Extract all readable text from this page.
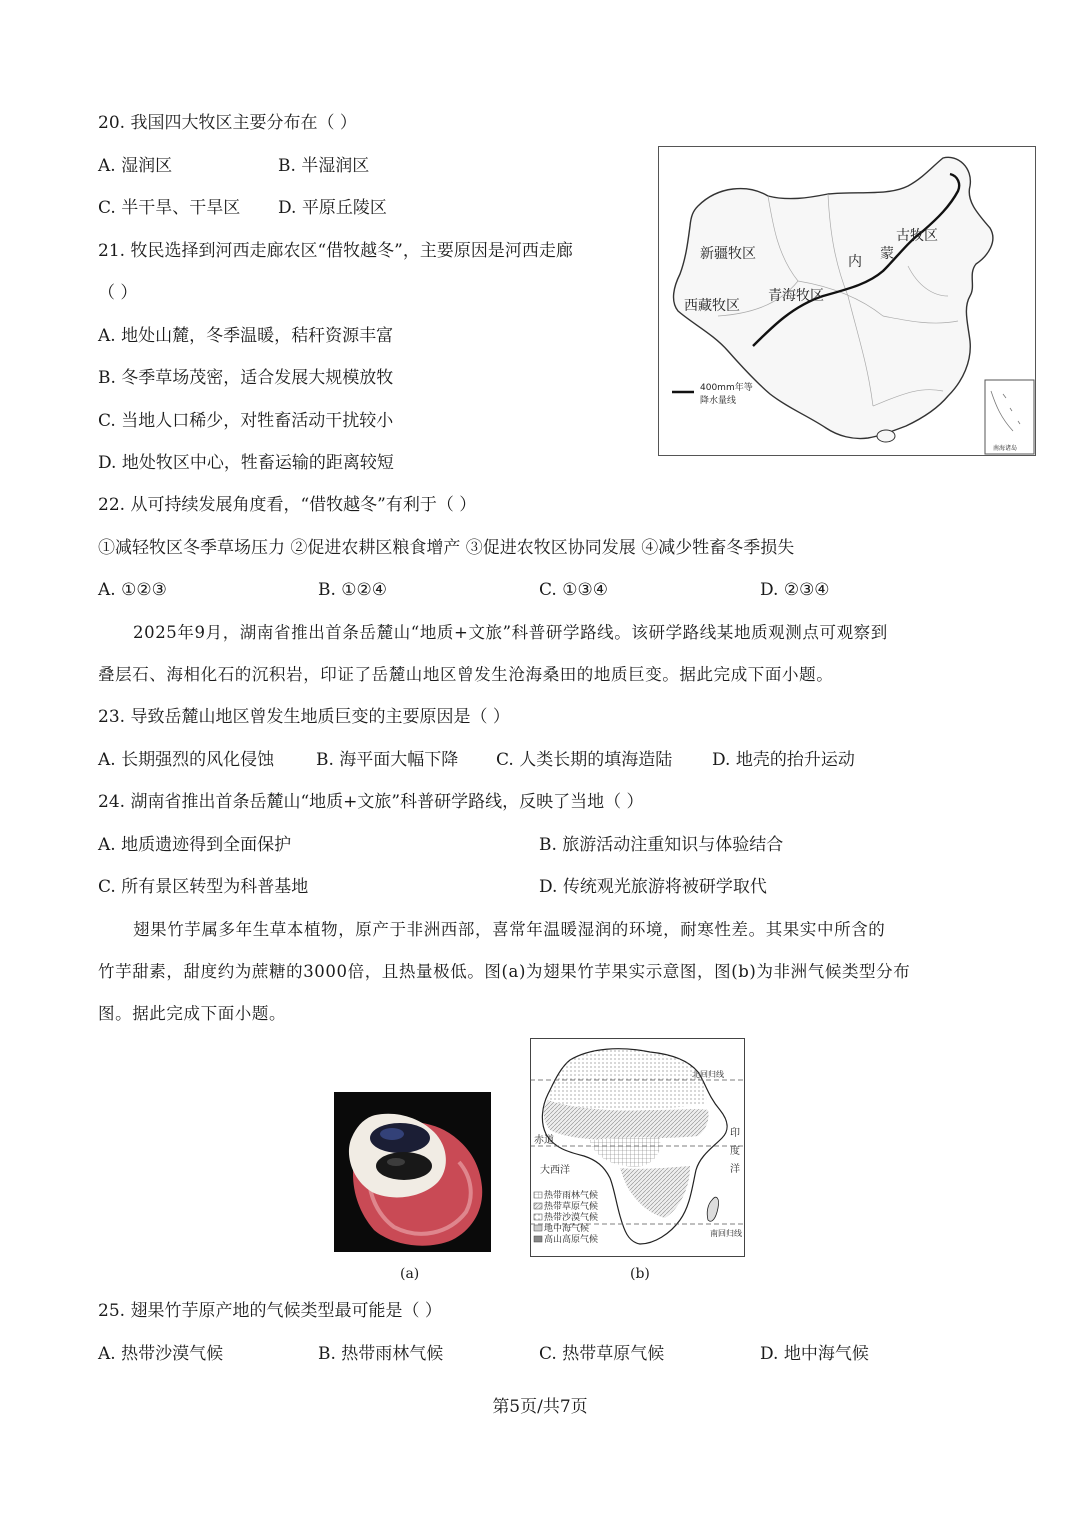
20. 我国四大牧区主要分布在（ ）
A. 湿润区	B. 半湿润区
C. 半干旱、干旱区 D. 平原丘陵区
21. 牧民选择到河西走廊农区“借牧越冬”，主要原因是河西走廊
（ ）
A. 地处山麓，冬季温暖，秸秆资源丰富
B. 冬季草场茂密，适合发展大规模放牧
C. 当地人口稀少，对牲畜活动干扰较小
D. 地处牧区中心，牲畜运输的距离较短
南海诸岛
新疆牧区
西藏牧区
青海牧区
内 蒙
古牧区
400mm年等
降水量线
22. 从可持续发展角度看，“借牧越冬”有利于（ ）
①减轻牧区冬季草场压力 ②促进农耕区粮食增产 ③促进农牧区协同发展 ④减少牲畜冬季损失
A. ①②③	B. ①②④	C. ①③④	D. ②③④
2025年9月，湖南省推出首条岳麓山“地质+文旅”科普研学路线。该研学路线某地质观测点可观察到
叠层石、海相化石的沉积岩，印证了岳麓山地区曾发生沧海桑田的地质巨变。据此完成下面小题。
23. 导致岳麓山地区曾发生地质巨变的主要原因是（ ）
A. 长期强烈的风化侵蚀 B. 海平面大幅下降 C. 人类长期的填海造陆 D. 地壳的抬升运动
24. 湖南省推出首条岳麓山“地质+文旅”科普研学路线，反映了当地（ ）
A. 地质遗迹得到全面保护	B. 旅游活动注重知识与体验结合
C. 所有景区转型为科普基地	D. 传统观光旅游将被研学取代
翅果竹芋属多年生草本植物，原产于非洲西部，喜常年温暖湿润的环境，耐寒性差。其果实中所含的
竹芋甜素，甜度约为蔗糖的3000倍，且热量极低。图(a)为翅果竹芋果实示意图，图(b)为非洲气候类型分布
图。据此完成下面小题。
(a)
北回归线
赤道
大西洋
印
度
洋
南回归线
热带雨林气候
热带草原气候
热带沙漠气候
地中海气候
高山高原气候
(b)
25. 翅果竹芋原产地的气候类型最可能是（ ）
A. 热带沙漠气候	B. 热带雨林气候	C. 热带草原气候	D. 地中海气候
第5页/共7页
